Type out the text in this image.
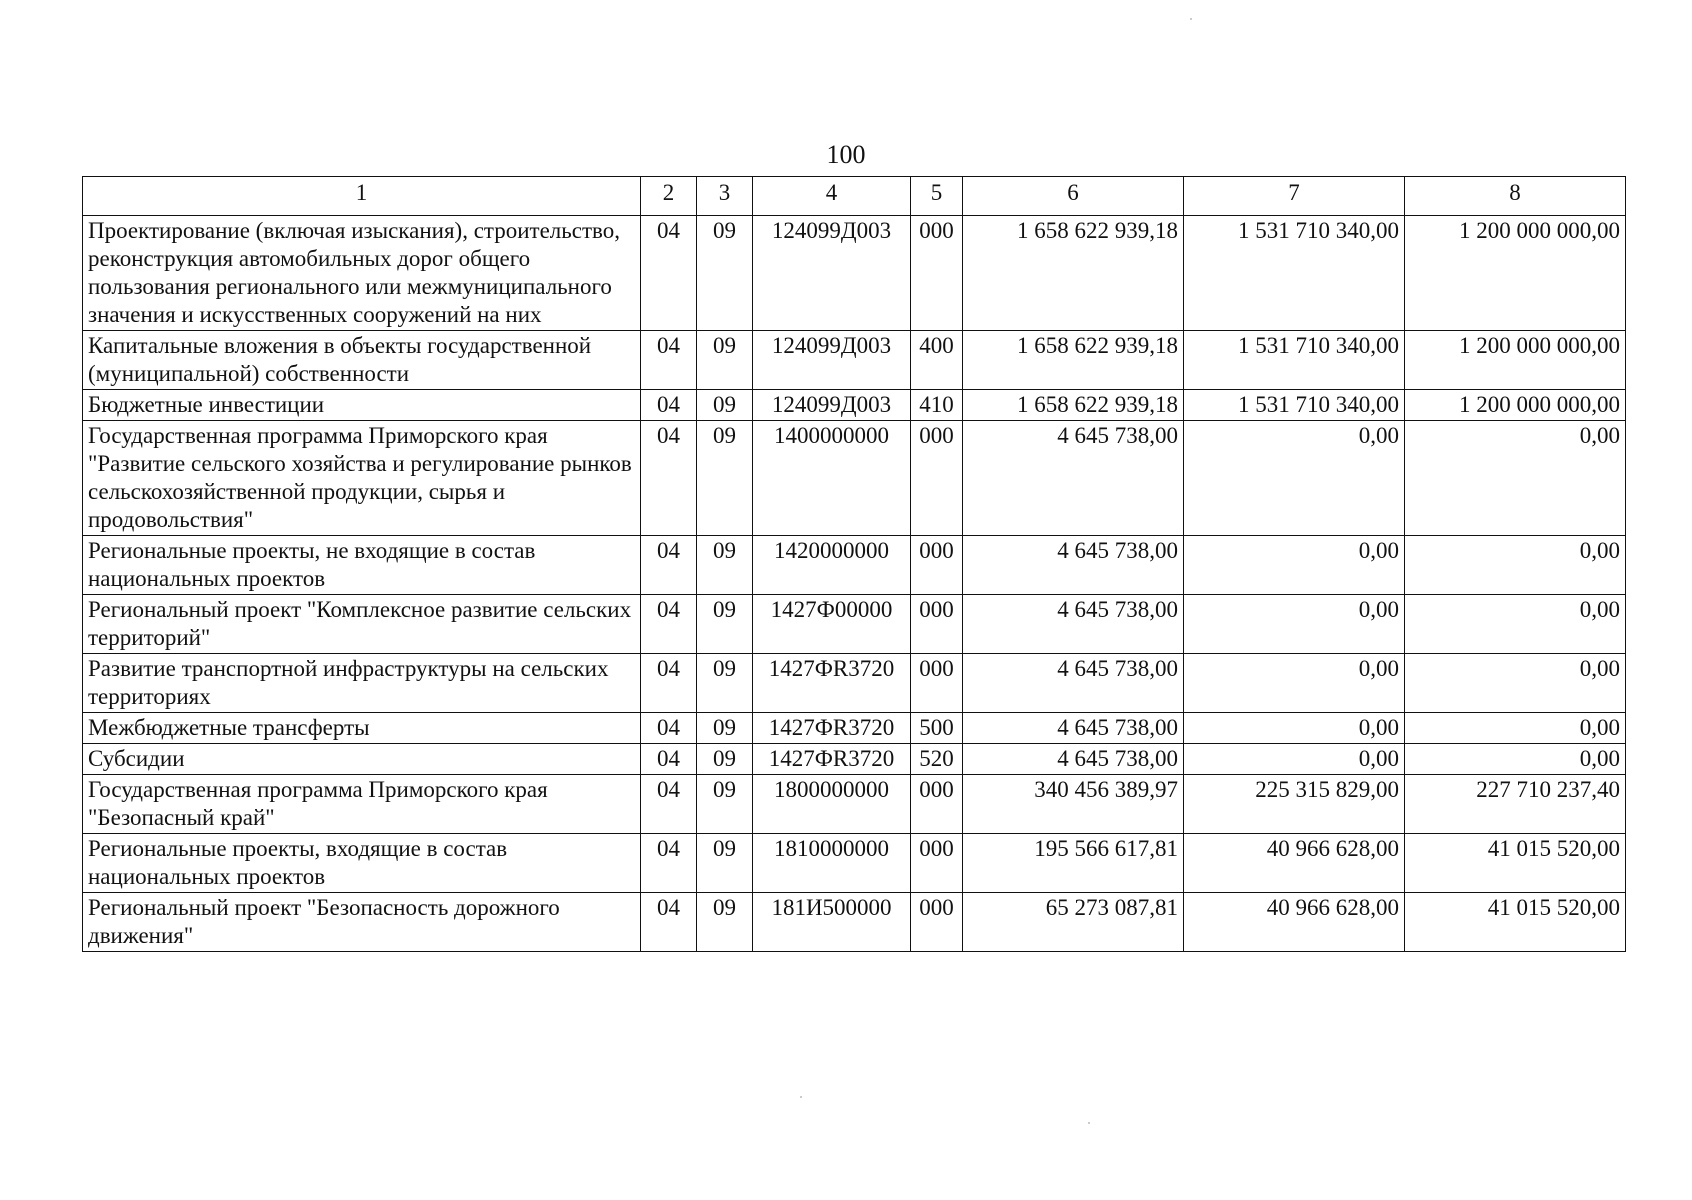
100
1	2	3	4	5	6	7	8
Проектирование (включая изыскания), строительство, реконструкция автомобильных дорог общего пользования регионального или межмуниципального значения и искусственных сооружений на них	04	09	124099Д003	000	1 658 622 939,18	1 531 710 340,00	1 200 000 000,00
Капитальные вложения в объекты государственной (муниципальной) собственности	04	09	124099Д003	400	1 658 622 939,18	1 531 710 340,00	1 200 000 000,00
Бюджетные инвестиции	04	09	124099Д003	410	1 658 622 939,18	1 531 710 340,00	1 200 000 000,00
Государственная программа Приморского края "Развитие сельского хозяйства и регулирование рынков сельскохозяйственной продукции, сырья и продовольствия"	04	09	1400000000	000	4 645 738,00	0,00	0,00
Региональные проекты, не входящие в состав национальных проектов	04	09	1420000000	000	4 645 738,00	0,00	0,00
Региональный проект "Комплексное развитие сельских территорий"	04	09	1427Ф00000	000	4 645 738,00	0,00	0,00
Развитие транспортной инфраструктуры на сельских территориях	04	09	1427ФR3720	000	4 645 738,00	0,00	0,00
Межбюджетные трансферты	04	09	1427ФR3720	500	4 645 738,00	0,00	0,00
Субсидии	04	09	1427ФR3720	520	4 645 738,00	0,00	0,00
Государственная программа Приморского края "Безопасный край"	04	09	1800000000	000	340 456 389,97	225 315 829,00	227 710 237,40
Региональные проекты, входящие в состав национальных проектов	04	09	1810000000	000	195 566 617,81	40 966 628,00	41 015 520,00
Региональный проект "Безопасность дорожного движения"	04	09	181И500000	000	65 273 087,81	40 966 628,00	41 015 520,00
